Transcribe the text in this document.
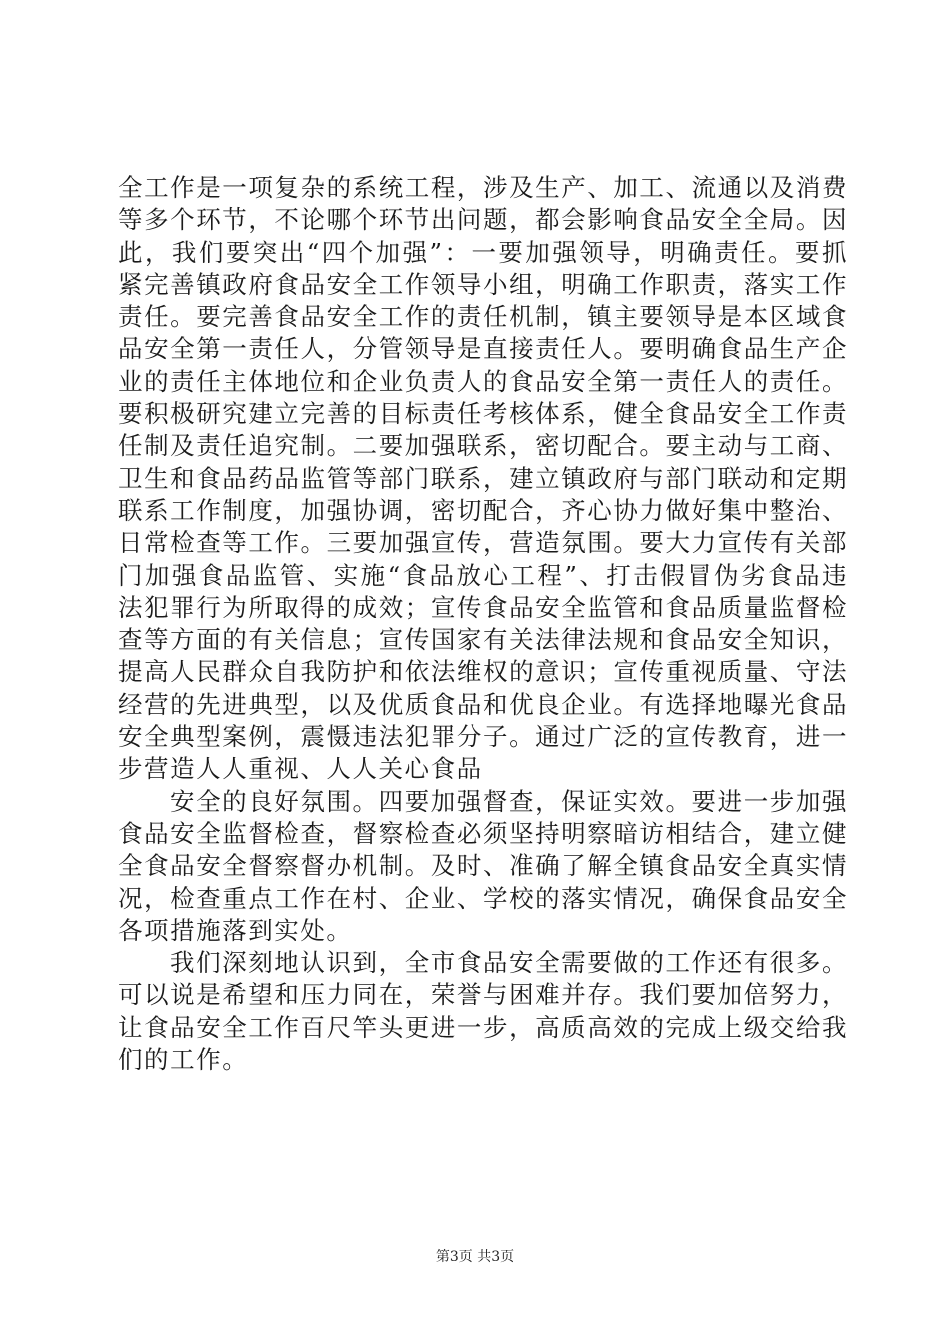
全工作是一项复杂的系统工程，涉及生产、加工、流通以及消费等多个环节，不论哪个环节出问题，都会影响食品安全全局。因此，我们要突出“四个加强”：一要加强领导，明确责任。要抓紧完善镇政府食品安全工作领导小组，明确工作职责，落实工作责任。要完善食品安全工作的责任机制，镇主要领导是本区域食品安全第一责任人，分管领导是直接责任人。要明确食品生产企业的责任主体地位和企业负责人的食品安全第一责任人的责任。要积极研究建立完善的目标责任考核体系，健全食品安全工作责任制及责任追究制。二要加强联系，密切配合。要主动与工商、卫生和食品药品监管等部门联系，建立镇政府与部门联动和定期联系工作制度，加强协调，密切配合，齐心协力做好集中整治、日常检查等工作。三要加强宣传，营造氛围。要大力宣传有关部门加强食品监管、实施“食品放心工程”、打击假冒伪劣食品违法犯罪行为所取得的成效；宣传食品安全监管和食品质量监督检查等方面的有关信息；宣传国家有关法律法规和食品安全知识，提高人民群众自我防护和依法维权的意识；宣传重视质量、守法经营的先进典型，以及优质食品和优良企业。有选择地曝光食品安全典型案例，震慑违法犯罪分子。通过广泛的宣传教育，进一步营造人人重视、人人关心食品

安全的良好氛围。四要加强督查，保证实效。要进一步加强食品安全监督检查，督察检查必须坚持明察暗访相结合，建立健全食品安全督察督办机制。及时、准确了解全镇食品安全真实情况，检查重点工作在村、企业、学校的落实情况，确保食品安全各项措施落到实处。

我们深刻地认识到，全市食品安全需要做的工作还有很多。可以说是希望和压力同在，荣誉与困难并存。我们要加倍努力，让食品安全工作百尺竿头更进一步，高质高效的完成上级交给我们的工作。

第3页 共3页
